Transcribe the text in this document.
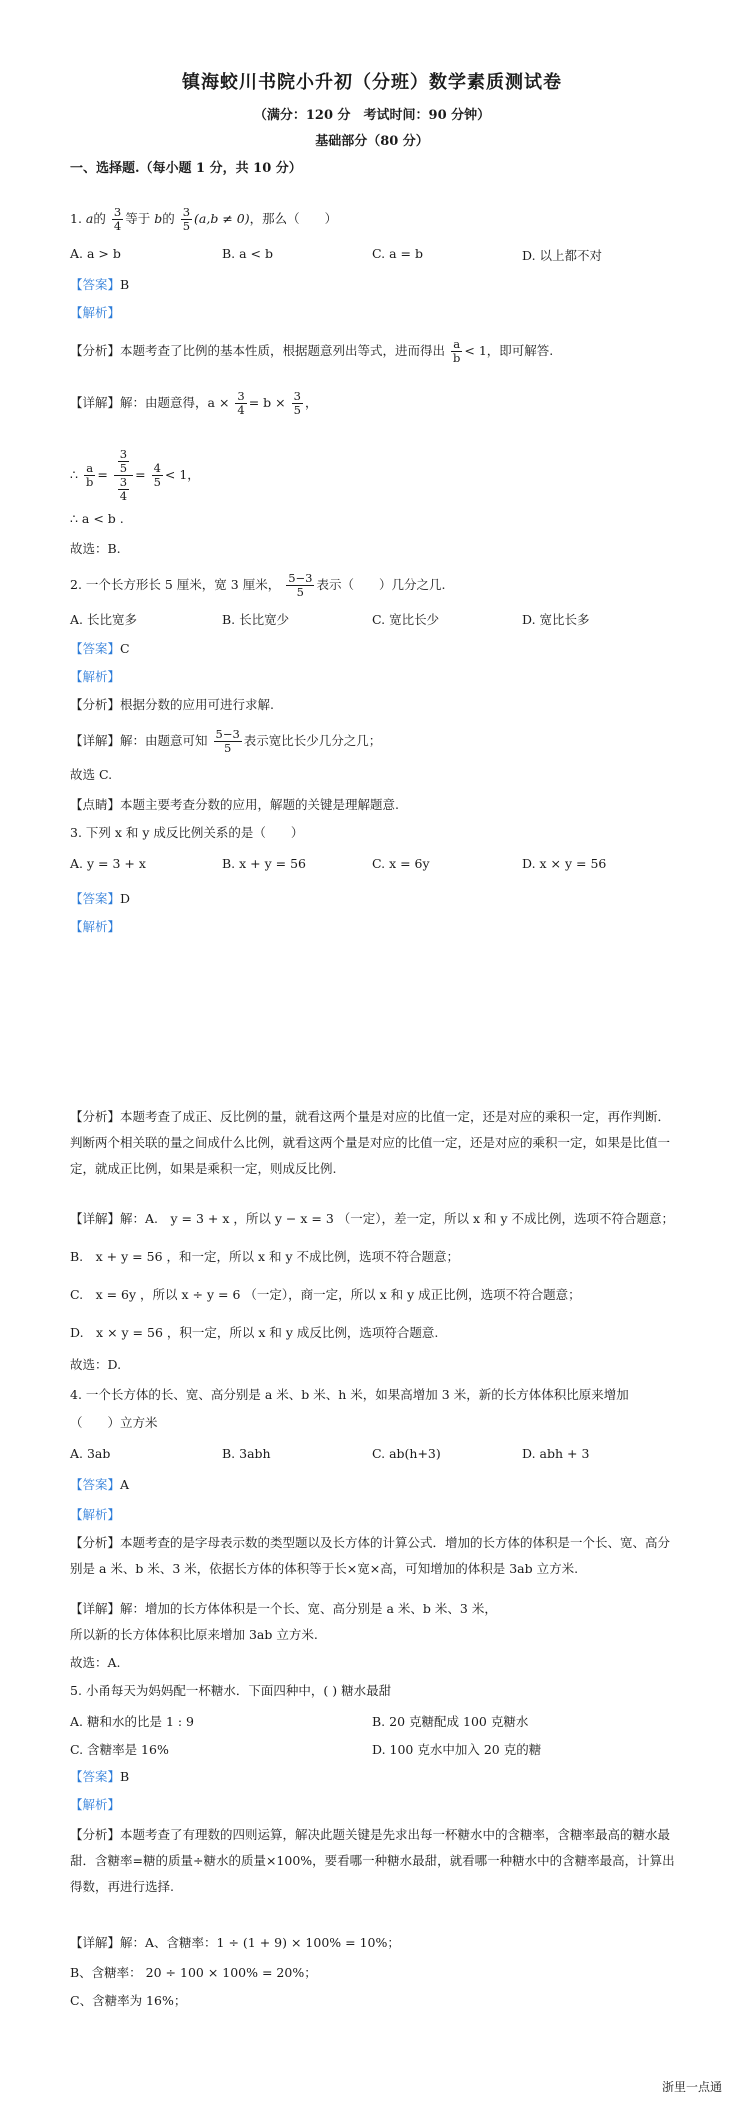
镇海蛟川书院小升初（分班）数学素质测试卷
（满分：120 分　考试时间：90 分钟）
基础部分（80 分）
一、选择题.（每小题 1 分，共 10 分）
1. a的 $\frac{3}{4}$ 等于 b的 $\frac{3}{5} (a,b \ne 0)$，那么（　　）
A. a > b	B. a < b	C. a = b	D. 以上都不对
【答案】B
【解析】
【分析】本题考查了比例的基本性质，根据题意列出等式，进而得出 $\frac{a}{b} < 1$，即可解答.
【详解】解：由题意得，$a \times \frac{3}{4} = b \times \frac{3}{5}$ ，
∴ $\frac{a}{b} = \frac{\frac{3}{5}}{\frac{3}{4}} = \frac{4}{5} < 1$，
∴ a < b .
故选：B.
2. 一个长方形长 5 厘米，宽 3 厘米， $\frac{5-3}{5}$ 表示（　　）几分之几.
A. 长比宽多	B. 长比宽少	C. 宽比长少	D. 宽比长多
【答案】C
【解析】
【分析】根据分数的应用可进行求解.
【详解】解：由题意可知 $\frac{5-3}{5}$ 表示宽比长少几分之几；
故选 C.
【点睛】本题主要考查分数的应用，解题的关键是理解题意.
3. 下列 x 和 y 成反比例关系的是（　　）
A. y = 3 + x	B. x + y = 56	C. x = 6y	D. x × y = 56
【答案】D
【解析】
【分析】本题考查了成正、反比例的量，就看这两个量是对应的比值一定，还是对应的乘积一定，再作判断．判断两个相关联的量之间成什么比例，就看这两个量是对应的比值一定，还是对应的乘积一定，如果是比值一定，就成正比例，如果是乘积一定，则成反比例.
【详解】解：A.　y = 3 + x ，所以 y − x = 3 （一定），差一定，所以 x 和 y 不成比例，选项不符合题意；
B.　x + y = 56 ，和一定，所以 x 和 y 不成比例，选项不符合题意；
C.　x = 6y ，所以 x ÷ y = 6 （一定），商一定，所以 x 和 y 成正比例，选项不符合题意；
D.　x × y = 56 ，积一定，所以 x 和 y 成反比例，选项符合题意.
故选：D.
4. 一个长方体的长、宽、高分别是 a 米、b 米、h 米，如果高增加 3 米，新的长方体体积比原来增加
（　　）立方米
A. 3ab	B. 3abh	C. ab(h+3)	D. abh + 3
【答案】A
【解析】
【分析】本题考查的是字母表示数的类型题以及长方体的计算公式．增加的长方体的体积是一个长、宽、高分别是 a 米、b 米、3 米，依据长方体的体积等于长×宽×高，可知增加的体积是 3ab 立方米.
【详解】解：增加的长方体体积是一个长、宽、高分别是 a 米、b 米、3 米，
所以新的长方体体积比原来增加 3ab 立方米.
故选：A.
5. 小甬每天为妈妈配一杯糖水．下面四种中，( ) 糖水最甜
A. 糖和水的比是 1 : 9	B. 20 克糖配成 100 克糖水
C. 含糖率是 16%	D. 100 克水中加入 20 克的糖
【答案】B
【解析】
【分析】本题考查了有理数的四则运算，解决此题关键是先求出每一杯糖水中的含糖率，含糖率最高的糖水最甜．含糖率=糖的质量÷糖水的质量×100%，要看哪一种糖水最甜，就看哪一种糖水中的含糖率最高，计算出得数，再进行选择.
【详解】解：A、含糖率：1 ÷ (1 + 9) × 100% = 10%；
B、含糖率： 20 ÷ 100 × 100% = 20%；
C、含糖率为 16%；
浙里一点通
